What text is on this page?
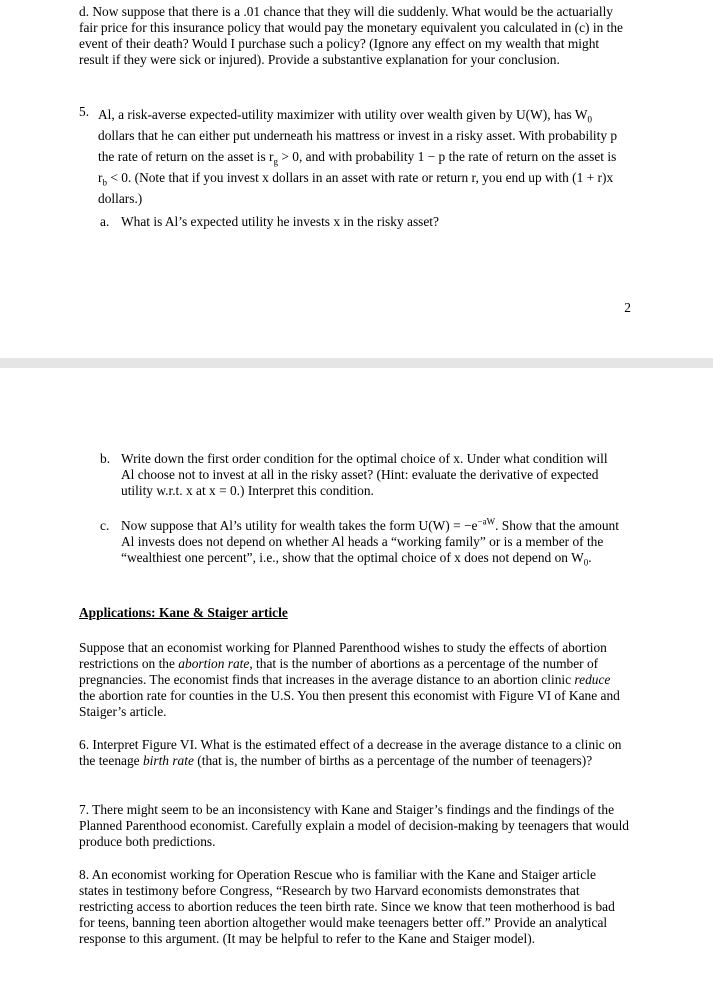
d. Now suppose that there is a .01 chance that they will die suddenly. What would be the actuarially fair price for this insurance policy that would pay the monetary equivalent you calculated in (c) in the event of their death? Would I purchase such a policy? (Ignore any effect on my wealth that might result if they were sick or injured). Provide a substantive explanation for your conclusion.

5. Al, a risk-averse expected-utility maximizer with utility over wealth given by U(W), has $W_0$ dollars that he can either put underneath his mattress or invest in a risky asset. With probability p the rate of return on the asset is $r_g > 0$, and with probability 1 − p the rate of return on the asset is $r_b < 0$. (Note that if you invest x dollars in an asset with rate or return r, you end up with (1 + r)x dollars.)

a. What is Al’s expected utility he invests x in the risky asset?
2
b. Write down the first order condition for the optimal choice of x. Under what condition will Al choose not to invest at all in the risky asset? (Hint: evaluate the derivative of expected utility w.r.t. x at x = 0.) Interpret this condition.

c. Now suppose that Al’s utility for wealth takes the form $U(W) = -e^{-aW}$. Show that the amount Al invests does not depend on whether Al heads a “working family” or is a member of the “wealthiest one percent”, i.e., show that the optimal choice of x does not depend on $W_0$.

Applications: Kane & Staiger article

Suppose that an economist working for Planned Parenthood wishes to study the effects of abortion restrictions on the abortion rate, that is the number of abortions as a percentage of the number of pregnancies. The economist finds that increases in the average distance to an abortion clinic reduce the abortion rate for counties in the U.S. You then present this economist with Figure VI of Kane and Staiger’s article.

6. Interpret Figure VI. What is the estimated effect of a decrease in the average distance to a clinic on the teenage birth rate (that is, the number of births as a percentage of the number of teenagers)?

7. There might seem to be an inconsistency with Kane and Staiger’s findings and the findings of the Planned Parenthood economist. Carefully explain a model of decision-making by teenagers that would produce both predictions.

8. An economist working for Operation Rescue who is familiar with the Kane and Staiger article states in testimony before Congress, “Research by two Harvard economists demonstrates that restricting access to abortion reduces the teen birth rate. Since we know that teen motherhood is bad for teens, banning teen abortion altogether would make teenagers better off.” Provide an analytical response to this argument. (It may be helpful to refer to the Kane and Staiger model).
